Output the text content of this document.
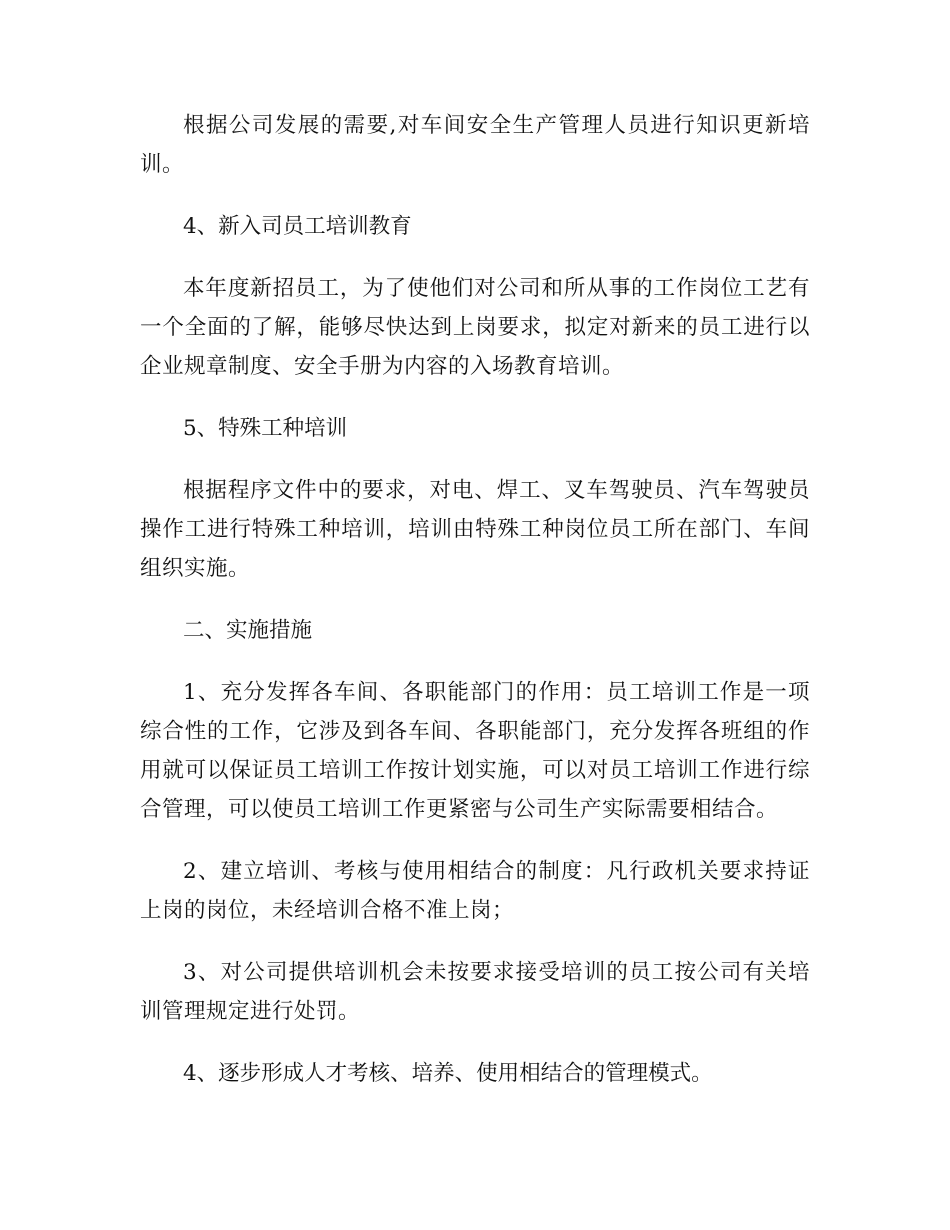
根据公司发展的需要,对车间安全生产管理人员进行知识更新培训。

4、新入司员工培训教育

本年度新招员工，为了使他们对公司和所从事的工作岗位工艺有一个全面的了解，能够尽快达到上岗要求，拟定对新来的员工进行以企业规章制度、安全手册为内容的入场教育培训。

5、特殊工种培训

根据程序文件中的要求，对电、焊工、叉车驾驶员、汽车驾驶员操作工进行特殊工种培训，培训由特殊工种岗位员工所在部门、车间组织实施。

二、实施措施

1、充分发挥各车间、各职能部门的作用：员工培训工作是一项综合性的工作，它涉及到各车间、各职能部门，充分发挥各班组的作用就可以保证员工培训工作按计划实施，可以对员工培训工作进行综合管理，可以使员工培训工作更紧密与公司生产实际需要相结合。

2、建立培训、考核与使用相结合的制度：凡行政机关要求持证上岗的岗位，未经培训合格不准上岗；

3、对公司提供培训机会未按要求接受培训的员工按公司有关培训管理规定进行处罚。

4、逐步形成人才考核、培养、使用相结合的管理模式。
